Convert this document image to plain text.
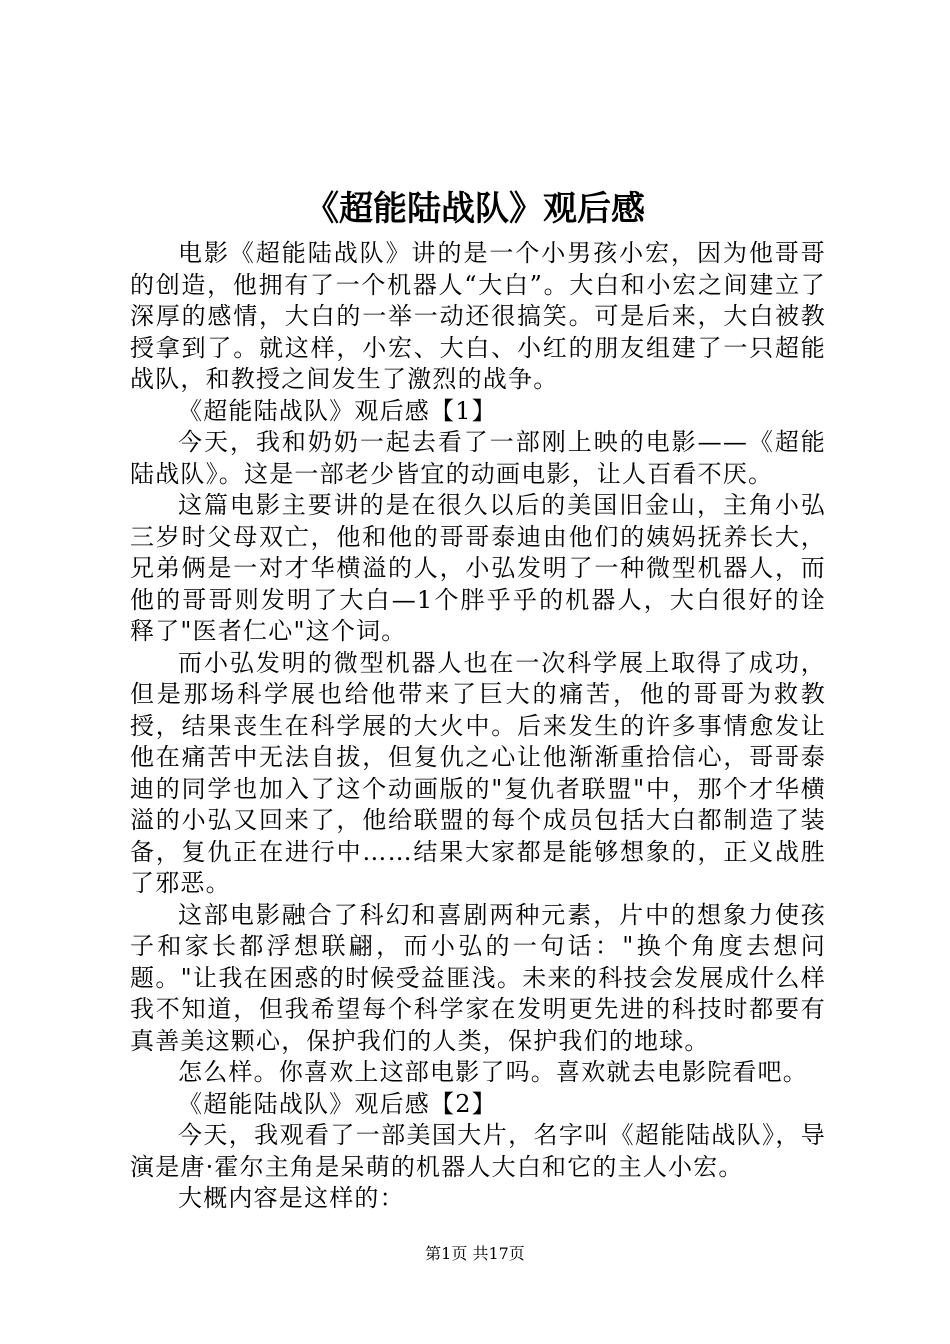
《超能陆战队》观后感

电影《超能陆战队》讲的是一个小男孩小宏，因为他哥哥的创造，他拥有了一个机器人“大白”。大白和小宏之间建立了深厚的感情，大白的一举一动还很搞笑。可是后来，大白被教授拿到了。就这样，小宏、大白、小红的朋友组建了一只超能战队，和教授之间发生了激烈的战争。

《超能陆战队》观后感【1】

今天，我和奶奶一起去看了一部刚上映的电影——《超能陆战队》。这是一部老少皆宜的动画电影，让人百看不厌。

这篇电影主要讲的是在很久以后的美国旧金山，主角小弘三岁时父母双亡，他和他的哥哥泰迪由他们的姨妈抚养长大，兄弟俩是一对才华横溢的人，小弘发明了一种微型机器人，而他的哥哥则发明了大白—1个胖乎乎的机器人，大白很好的诠释了"医者仁心"这个词。

而小弘发明的微型机器人也在一次科学展上取得了成功，但是那场科学展也给他带来了巨大的痛苦，他的哥哥为救教授，结果丧生在科学展的大火中。后来发生的许多事情愈发让他在痛苦中无法自拔，但复仇之心让他渐渐重拾信心，哥哥泰迪的同学也加入了这个动画版的"复仇者联盟"中，那个才华横溢的小弘又回来了，他给联盟的每个成员包括大白都制造了装备，复仇正在进行中……结果大家都是能够想象的，正义战胜了邪恶。

这部电影融合了科幻和喜剧两种元素，片中的想象力使孩子和家长都浮想联翩，而小弘的一句话："换个角度去想问题。"让我在困惑的时候受益匪浅。未来的科技会发展成什么样我不知道，但我希望每个科学家在发明更先进的科技时都要有真善美这颗心，保护我们的人类，保护我们的地球。

怎么样。你喜欢上这部电影了吗。喜欢就去电影院看吧。

《超能陆战队》观后感【2】

今天，我观看了一部美国大片，名字叫《超能陆战队》，导演是唐·霍尔主角是呆萌的机器人大白和它的主人小宏。

大概内容是这样的：

第1页 共17页
